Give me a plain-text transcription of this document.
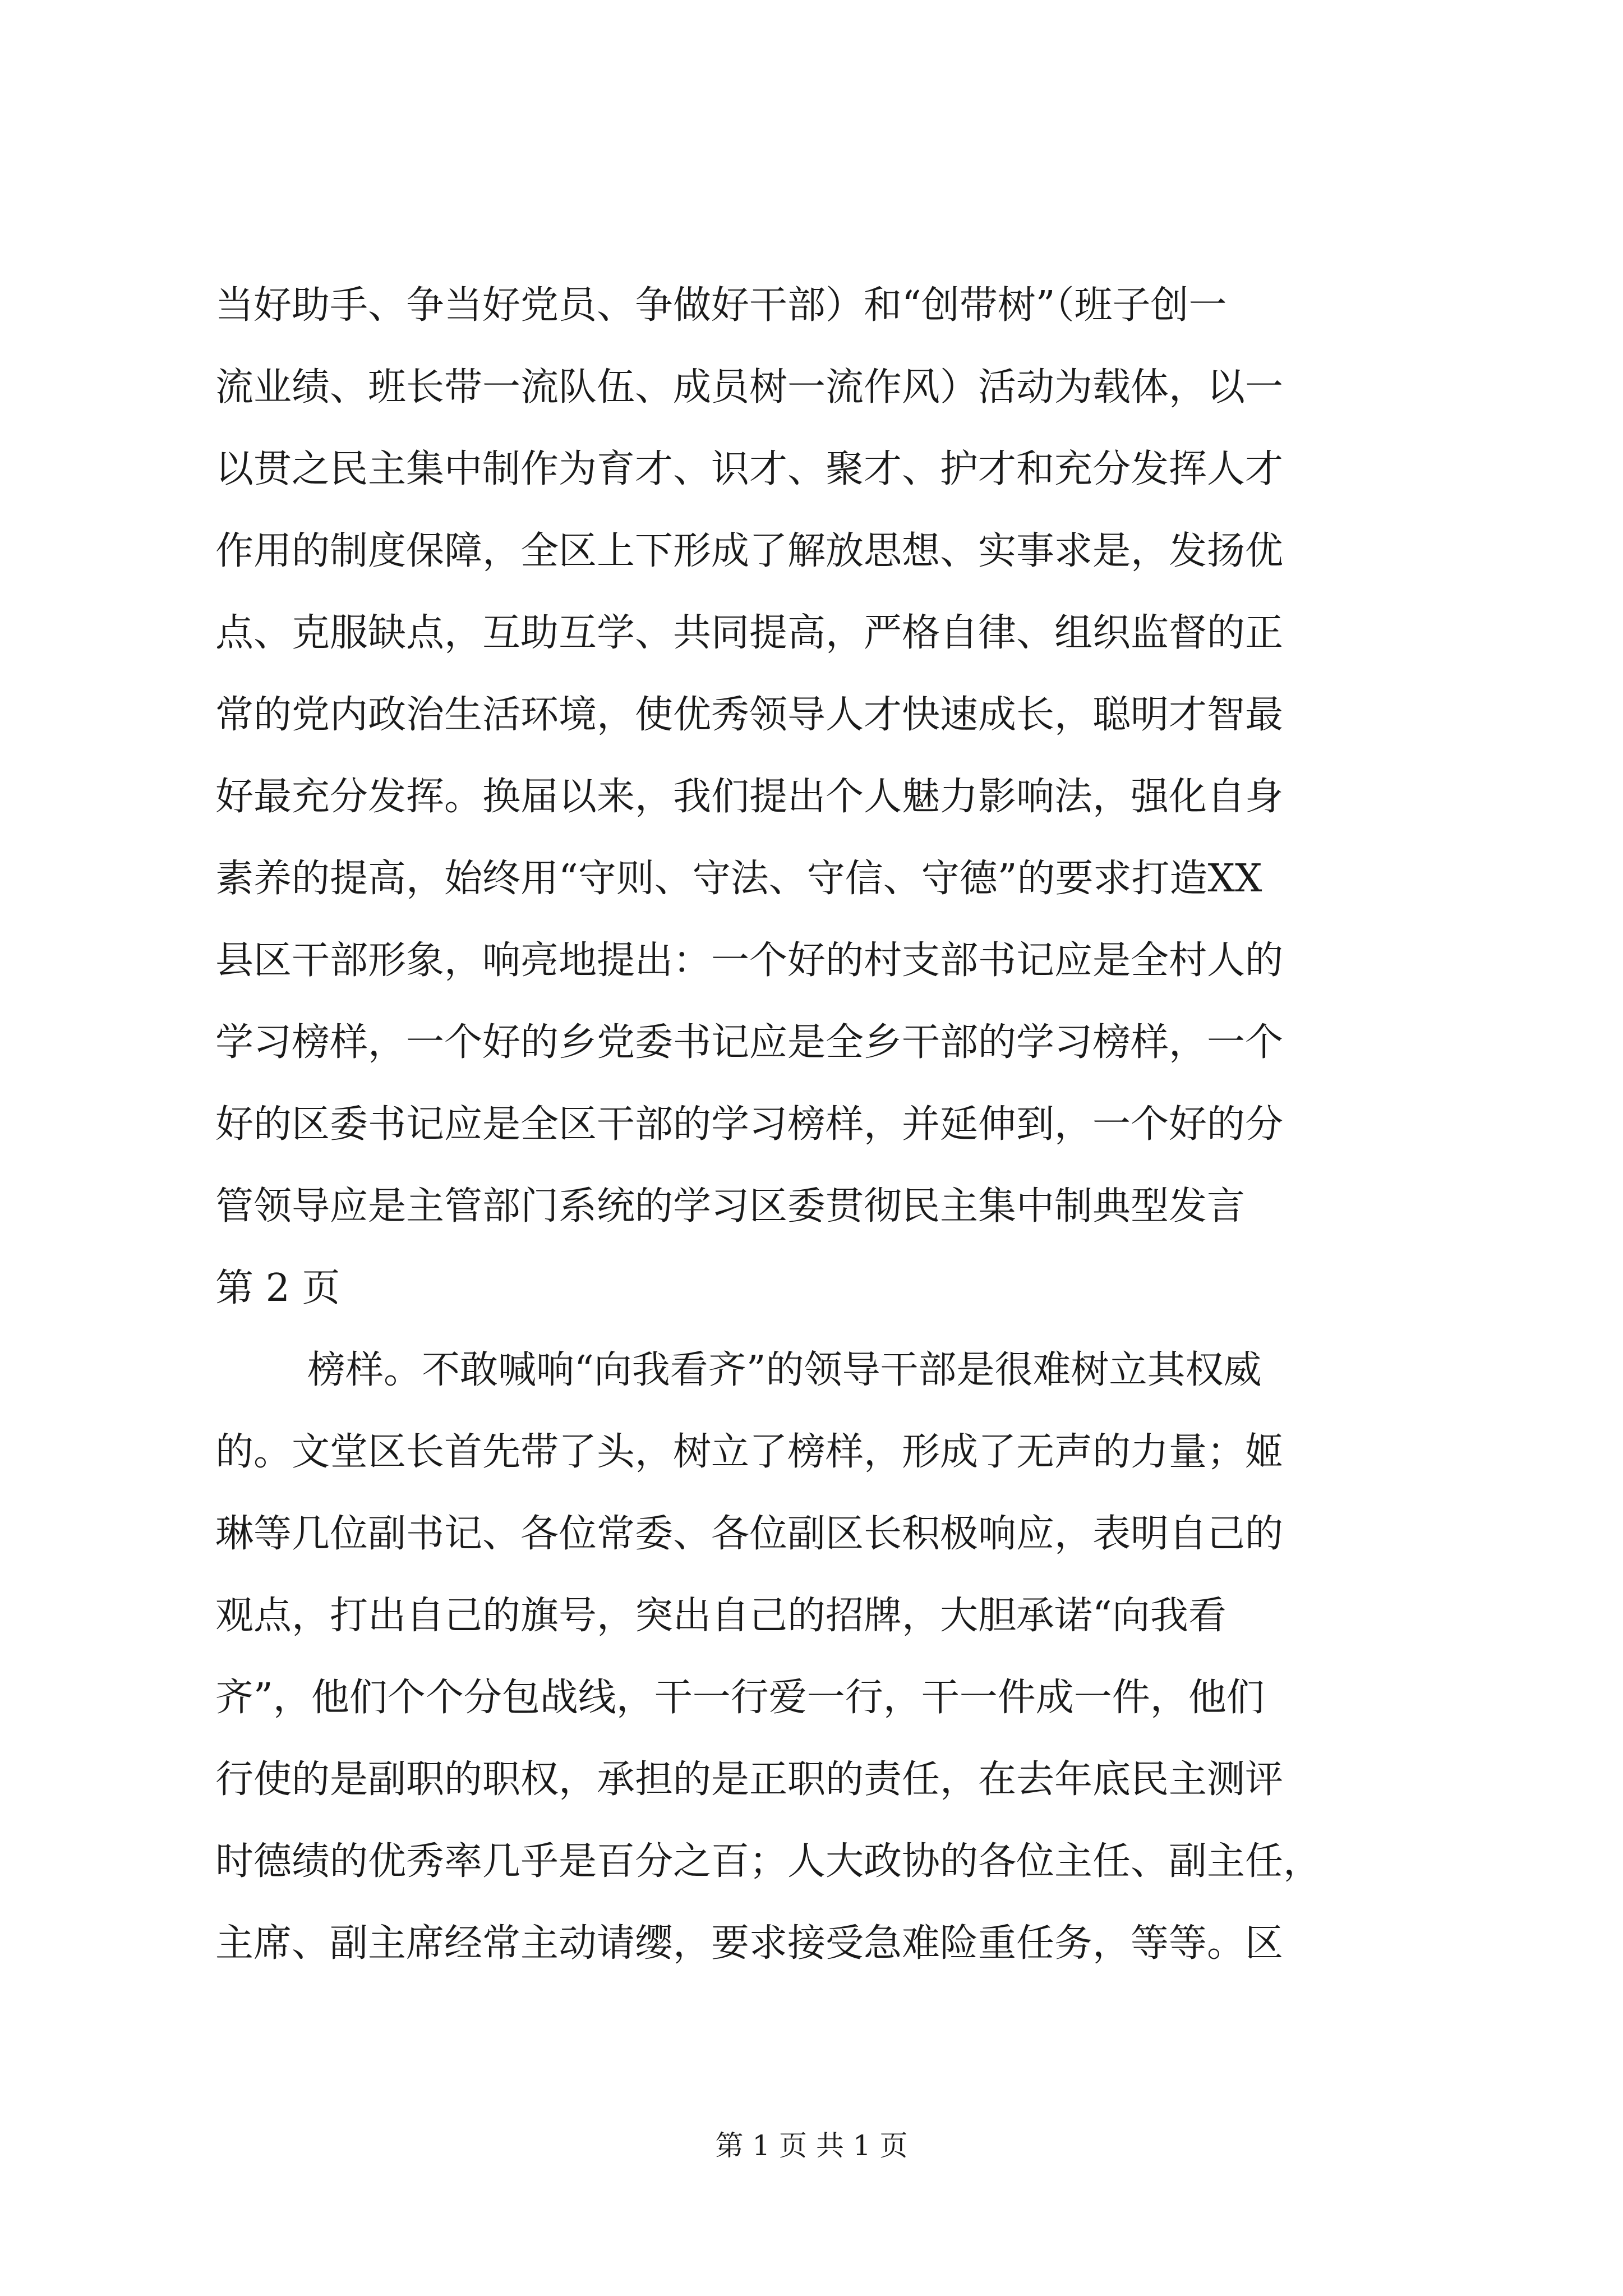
当好助手、争当好党员、争做好干部）和“创带树”（班子创一
流业绩、班长带一流队伍、成员树一流作风）活动为载体，以一
以贯之民主集中制作为育才、识才、聚才、护才和充分发挥人才
作用的制度保障，全区上下形成了解放思想、实事求是，发扬优
点、克服缺点，互助互学、共同提高，严格自律、组织监督的正
常的党内政治生活环境，使优秀领导人才快速成长，聪明才智最
好最充分发挥。换届以来，我们提出个人魅力影响法，强化自身
素养的提高，始终用“守则、守法、守信、守德”的要求打造XX
县区干部形象，响亮地提出：一个好的村支部书记应是全村人的
学习榜样，一个好的乡党委书记应是全乡干部的学习榜样，一个
好的区委书记应是全区干部的学习榜样，并延伸到，一个好的分
管领导应是主管部门系统的学习区委贯彻民主集中制典型发言
第 2 页
榜样。不敢喊响“向我看齐”的领导干部是很难树立其权威
的。文堂区长首先带了头，树立了榜样，形成了无声的力量；姬
琳等几位副书记、各位常委、各位副区长积极响应，表明自己的
观点，打出自己的旗号，突出自己的招牌，大胆承诺“向我看
齐”，他们个个分包战线，干一行爱一行，干一件成一件，他们
行使的是副职的职权，承担的是正职的责任，在去年底民主测评
时德绩的优秀率几乎是百分之百；人大政协的各位主任、副主任，
主席、副主席经常主动请缨，要求接受急难险重任务，等等。区
第 1 页 共 1 页
